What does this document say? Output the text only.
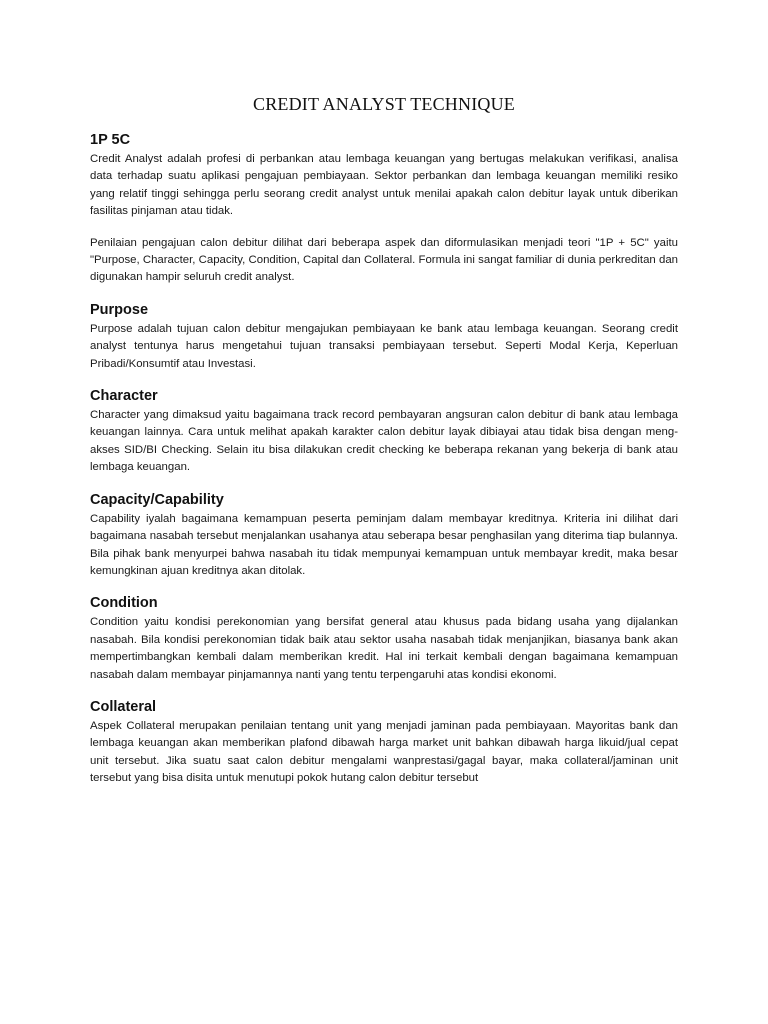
CREDIT ANALYST TECHNIQUE
1P 5C

Credit Analyst adalah profesi di perbankan atau lembaga keuangan yang bertugas melakukan verifikasi, analisa data terhadap suatu aplikasi pengajuan pembiayaan. Sektor perbankan dan lembaga keuangan memiliki resiko yang relatif tinggi sehingga perlu seorang credit analyst untuk menilai apakah calon debitur layak untuk diberikan fasilitas pinjaman atau tidak.

Penilaian pengajuan calon debitur dilihat dari beberapa aspek dan diformulasikan menjadi teori "1P + 5C" yaitu "Purpose, Character, Capacity, Condition, Capital dan Collateral. Formula ini sangat familiar di dunia perkreditan dan digunakan hampir seluruh credit analyst.

Purpose

Purpose adalah tujuan calon debitur mengajukan pembiayaan ke bank atau lembaga keuangan. Seorang credit analyst tentunya harus mengetahui tujuan transaksi pembiayaan tersebut. Seperti Modal Kerja, Keperluan Pribadi/Konsumtif atau Investasi.

Character

Character yang dimaksud yaitu bagaimana track record pembayaran angsuran calon debitur di bank atau lembaga keuangan lainnya. Cara untuk melihat apakah karakter calon debitur layak dibiayai atau tidak bisa dengan meng-akses SID/BI Checking. Selain itu bisa dilakukan credit checking ke beberapa rekanan yang bekerja di bank atau lembaga keuangan.

Capacity/Capability

Capability iyalah bagaimana kemampuan peserta peminjam dalam membayar kreditnya. Kriteria ini dilihat dari bagaimana nasabah tersebut menjalankan usahanya atau seberapa besar penghasilan yang diterima tiap bulannya. Bila pihak bank menyurpei bahwa nasabah itu tidak mempunyai kemampuan untuk membayar kredit, maka besar kemungkinan ajuan kreditnya akan ditolak.

Condition

Condition yaitu kondisi perekonomian yang bersifat general atau khusus pada bidang usaha yang dijalankan nasabah. Bila kondisi perekonomian tidak baik atau sektor usaha nasabah tidak menjanjikan, biasanya bank akan mempertimbangkan kembali dalam memberikan kredit. Hal ini terkait kembali dengan bagaimana kemampuan nasabah dalam membayar pinjamannya nanti yang tentu terpengaruhi atas kondisi ekonomi.

Collateral

Aspek Collateral merupakan penilaian tentang unit yang menjadi jaminan pada pembiayaan. Mayoritas bank dan lembaga keuangan akan memberikan plafond dibawah harga market unit bahkan dibawah harga likuid/jual cepat unit tersebut. Jika suatu saat calon debitur mengalami wanprestasi/gagal bayar, maka collateral/jaminan unit tersebut yang bisa disita untuk menutupi pokok hutang calon debitur tersebut
